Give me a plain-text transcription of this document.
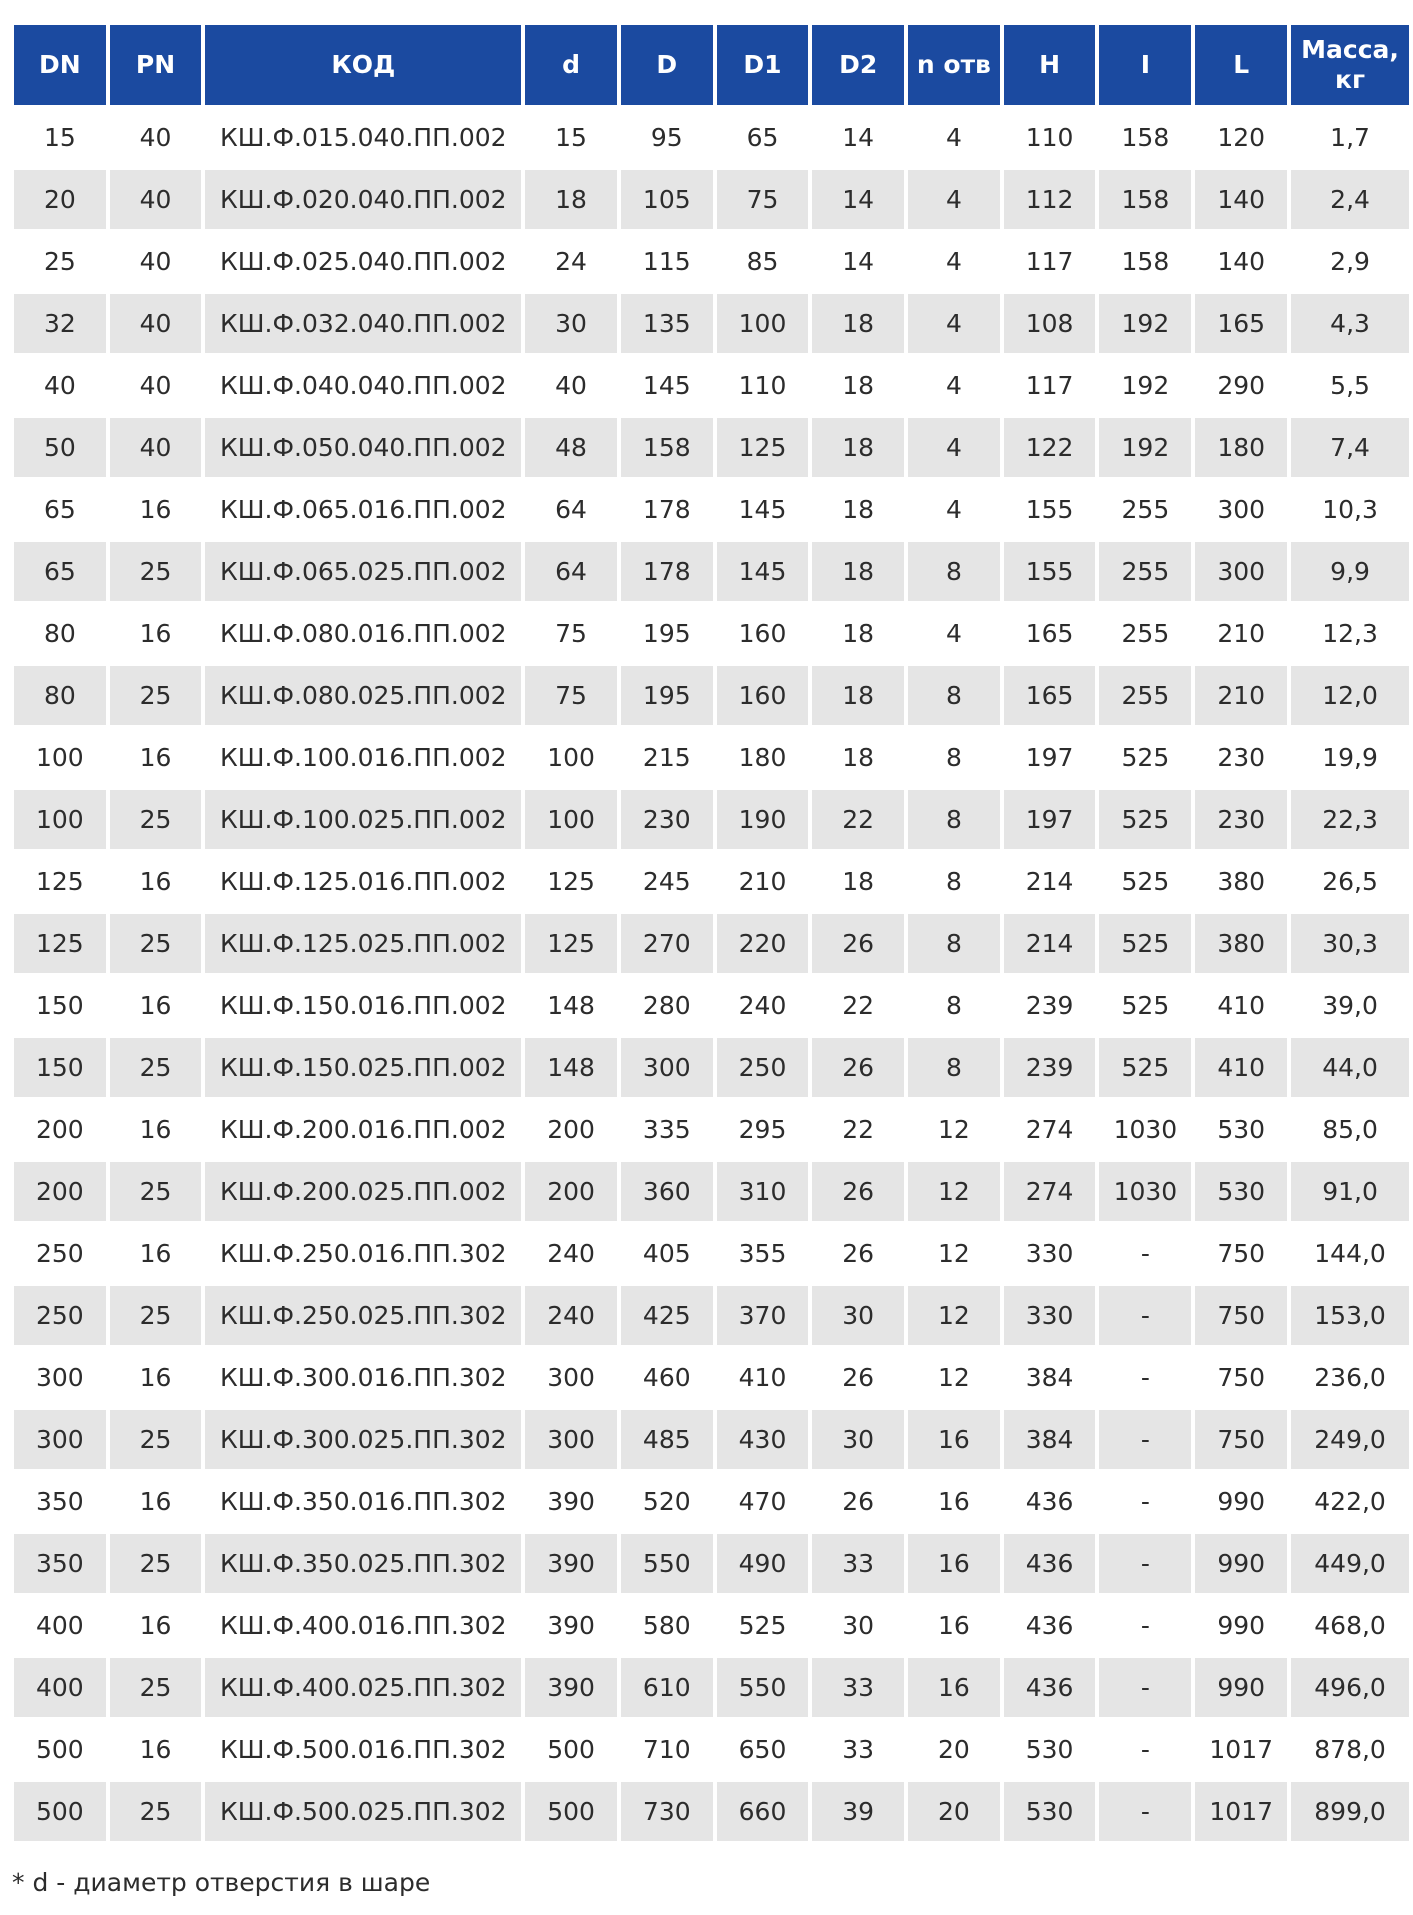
DN	PN	КОД	d	D	D1	D2	n отв	H	I	L	Масса, кг
15	40	КШ.Ф.015.040.ПП.002	15	95	65	14	4	110	158	120	1,7
20	40	КШ.Ф.020.040.ПП.002	18	105	75	14	4	112	158	140	2,4
25	40	КШ.Ф.025.040.ПП.002	24	115	85	14	4	117	158	140	2,9
32	40	КШ.Ф.032.040.ПП.002	30	135	100	18	4	108	192	165	4,3
40	40	КШ.Ф.040.040.ПП.002	40	145	110	18	4	117	192	290	5,5
50	40	КШ.Ф.050.040.ПП.002	48	158	125	18	4	122	192	180	7,4
65	16	КШ.Ф.065.016.ПП.002	64	178	145	18	4	155	255	300	10,3
65	25	КШ.Ф.065.025.ПП.002	64	178	145	18	8	155	255	300	9,9
80	16	КШ.Ф.080.016.ПП.002	75	195	160	18	4	165	255	210	12,3
80	25	КШ.Ф.080.025.ПП.002	75	195	160	18	8	165	255	210	12,0
100	16	КШ.Ф.100.016.ПП.002	100	215	180	18	8	197	525	230	19,9
100	25	КШ.Ф.100.025.ПП.002	100	230	190	22	8	197	525	230	22,3
125	16	КШ.Ф.125.016.ПП.002	125	245	210	18	8	214	525	380	26,5
125	25	КШ.Ф.125.025.ПП.002	125	270	220	26	8	214	525	380	30,3
150	16	КШ.Ф.150.016.ПП.002	148	280	240	22	8	239	525	410	39,0
150	25	КШ.Ф.150.025.ПП.002	148	300	250	26	8	239	525	410	44,0
200	16	КШ.Ф.200.016.ПП.002	200	335	295	22	12	274	1030	530	85,0
200	25	КШ.Ф.200.025.ПП.002	200	360	310	26	12	274	1030	530	91,0
250	16	КШ.Ф.250.016.ПП.302	240	405	355	26	12	330	-	750	144,0
250	25	КШ.Ф.250.025.ПП.302	240	425	370	30	12	330	-	750	153,0
300	16	КШ.Ф.300.016.ПП.302	300	460	410	26	12	384	-	750	236,0
300	25	КШ.Ф.300.025.ПП.302	300	485	430	30	16	384	-	750	249,0
350	16	КШ.Ф.350.016.ПП.302	390	520	470	26	16	436	-	990	422,0
350	25	КШ.Ф.350.025.ПП.302	390	550	490	33	16	436	-	990	449,0
400	16	КШ.Ф.400.016.ПП.302	390	580	525	30	16	436	-	990	468,0
400	25	КШ.Ф.400.025.ПП.302	390	610	550	33	16	436	-	990	496,0
500	16	КШ.Ф.500.016.ПП.302	500	710	650	33	20	530	-	1017	878,0
500	25	КШ.Ф.500.025.ПП.302	500	730	660	39	20	530	-	1017	899,0
* d - диаметр отверстия в шаре
